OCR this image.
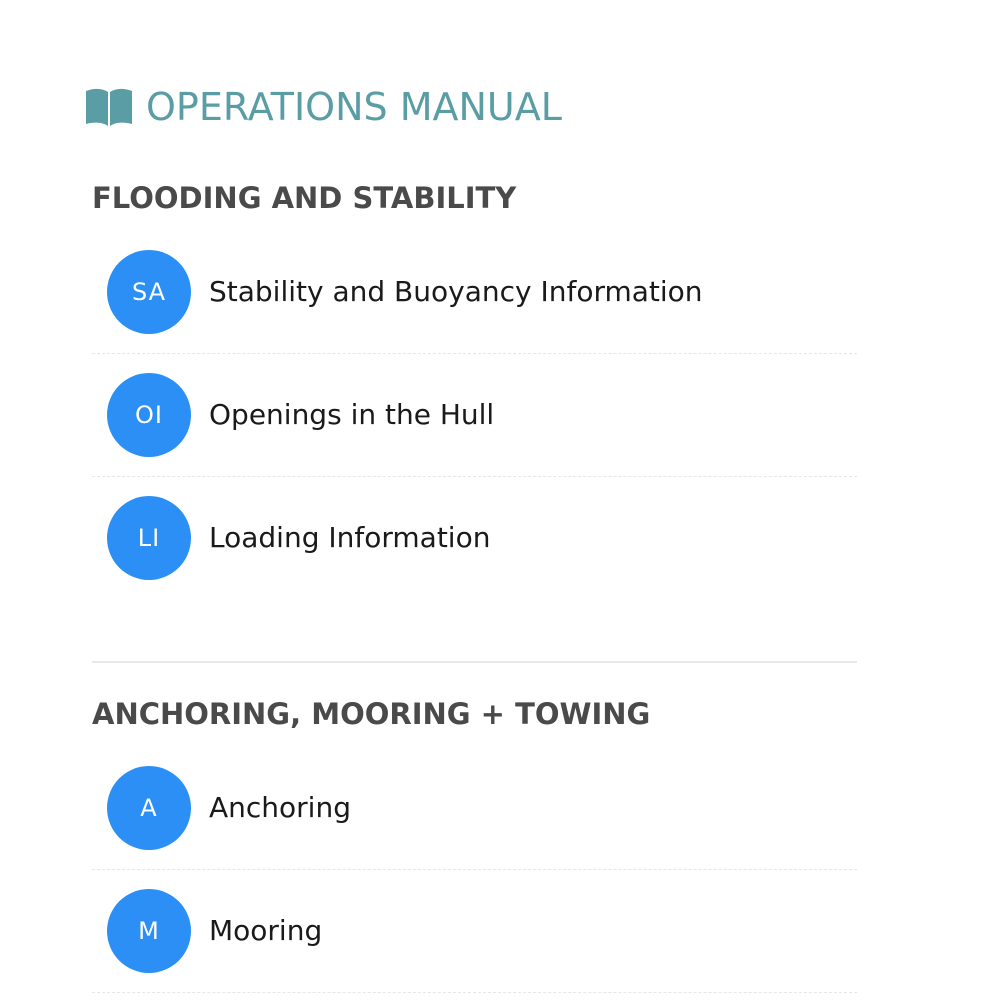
OPERATIONS MANUAL
FLOODING AND STABILITY
SA	Stability and Buoyancy Information
OI	Openings in the Hull
LI	Loading Information
ANCHORING, MOORING + TOWING
A	Anchoring
M	Mooring
